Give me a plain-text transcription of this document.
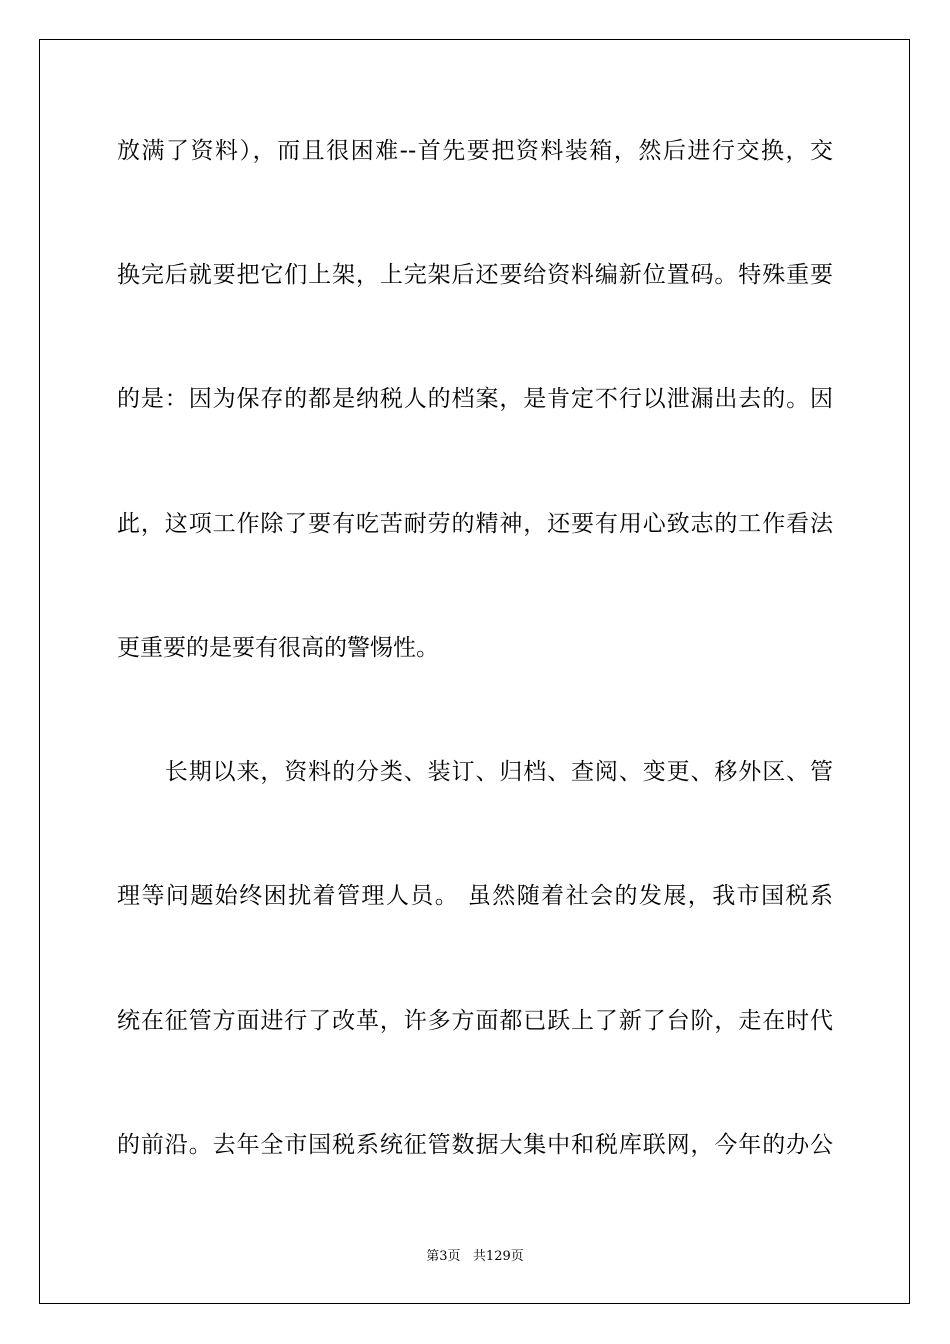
放满了资料），而且很困难--首先要把资料装箱，然后进行交换，交
换完后就要把它们上架，上完架后还要给资料编新位置码。特殊重要
的是：因为保存的都是纳税人的档案，是肯定不行以泄漏出去的。因
此，这项工作除了要有吃苦耐劳的精神，还要有用心致志的工作看法
更重要的是要有很高的警惕性。
　　长期以来，资料的分类、装订、归档、查阅、变更、移外区、管
理等问题始终困扰着管理人员。 虽然随着社会的发展，我市国税系
统在征管方面进行了改革，许多方面都已跃上了新了台阶，走在时代
的前沿。去年全市国税系统征管数据大集中和税库联网，今年的办公
第3页   共129页
